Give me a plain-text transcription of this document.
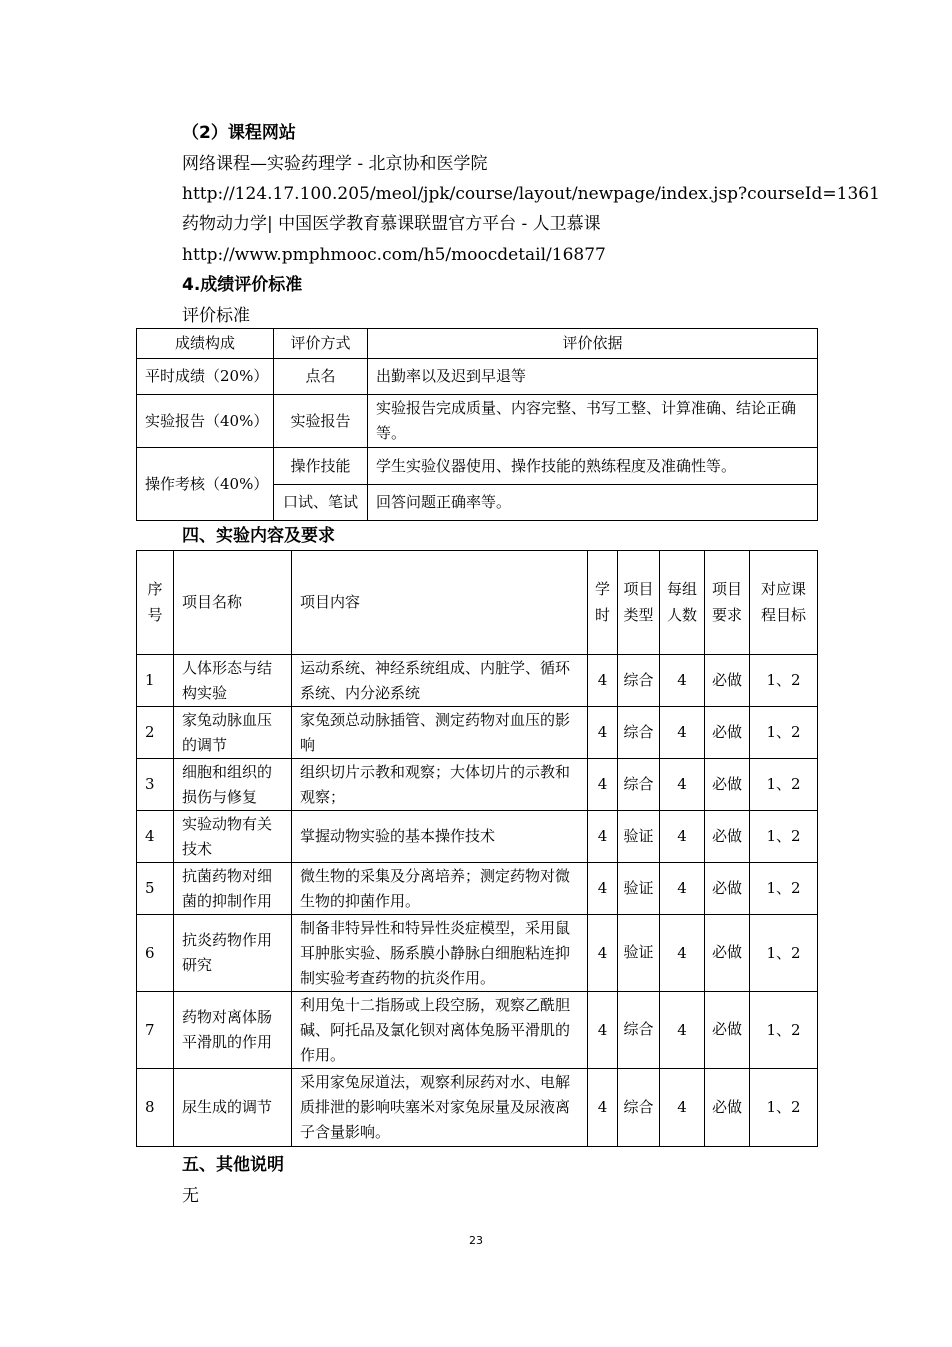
（2）课程网站
网络课程—实验药理学 - 北京协和医学院
http://124.17.100.205/meol/jpk/course/layout/newpage/index.jsp?courseId=1361
药物动力学| 中国医学教育慕课联盟官方平台 - 人卫慕课
http://www.pmphmooc.com/h5/moocdetail/16877
4.成绩评价标准
评价标准
成绩构成	评价方式	评价依据
平时成绩（20%）	点名	出勤率以及迟到早退等
实验报告（40%）	实验报告	实验报告完成质量、内容完整、书写工整、计算准确、结论正确等。
操作考核（40%）	操作技能	学生实验仪器使用、操作技能的熟练程度及准确性等。
	口试、笔试	回答问题正确率等。
四、实验内容及要求
序号	项目名称	项目内容	学时	项目类型	每组人数	项目要求	对应课程目标
1	人体形态与结构实验	运动系统、神经系统组成、内脏学、循环系统、内分泌系统	4	综合	4	必做	1、2
2	家兔动脉血压的调节	家兔颈总动脉插管、测定药物对血压的影响	4	综合	4	必做	1、2
3	细胞和组织的损伤与修复	组织切片示教和观察；大体切片的示教和观察；	4	综合	4	必做	1、2
4	实验动物有关技术	掌握动物实验的基本操作技术	4	验证	4	必做	1、2
5	抗菌药物对细菌的抑制作用	微生物的采集及分离培养；测定药物对微生物的抑菌作用。	4	验证	4	必做	1、2
6	抗炎药物作用研究	制备非特异性和特异性炎症模型，采用鼠耳肿胀实验、肠系膜小静脉白细胞粘连抑制实验考查药物的抗炎作用。	4	验证	4	必做	1、2
7	药物对离体肠平滑肌的作用	利用兔十二指肠或上段空肠，观察乙酰胆碱、阿托品及氯化钡对离体兔肠平滑肌的作用。	4	综合	4	必做	1、2
8	尿生成的调节	采用家兔尿道法，观察利尿药对水、电解质排泄的影响呋塞米对家兔尿量及尿液离子含量影响。	4	综合	4	必做	1、2
五、其他说明
无
23
